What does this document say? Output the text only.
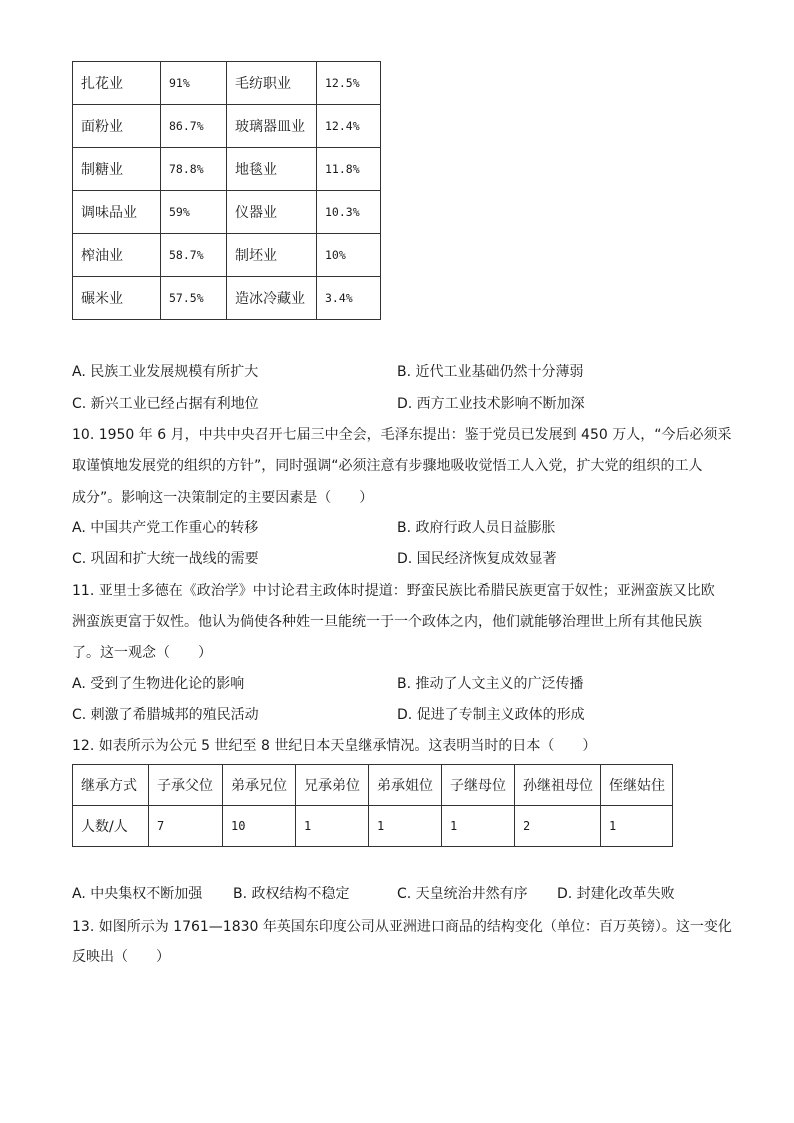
扎花业	91%	毛纺职业	12.5%
面粉业	86.7%	玻璃器皿业	12.4%
制糖业	78.8%	地毯业	11.8%
调味品业	59%	仪器业	10.3%
榨油业	58.7%	制坯业	10%
碾米业	57.5%	造冰冷藏业	3.4%
A. 民族工业发展规模有所扩大	B. 近代工业基础仍然十分薄弱
C. 新兴工业已经占据有利地位	D. 西方工业技术影响不断加深
10. 1950 年 6 月，中共中央召开七届三中全会，毛泽东提出：鉴于党员已发展到 450 万人，“今后必须采
取谨慎地发展党的组织的方针”，同时强调“必须注意有步骤地吸收觉悟工人入党，扩大党的组织的工人
成分”。影响这一决策制定的主要因素是（　　）
A. 中国共产党工作重心的转移	B. 政府行政人员日益膨胀
C. 巩固和扩大统一战线的需要	D. 国民经济恢复成效显著
11. 亚里士多德在《政治学》中讨论君主政体时提道：野蛮民族比希腊民族更富于奴性；亚洲蛮族又比欧
洲蛮族更富于奴性。他认为倘使各种姓一旦能统一于一个政体之内，他们就能够治理世上所有其他民族
了。这一观念（　　）
A. 受到了生物进化论的影响	B. 推动了人文主义的广泛传播
C. 刺激了希腊城邦的殖民活动	D. 促进了专制主义政体的形成
12. 如表所示为公元 5 世纪至 8 世纪日本天皇继承情况。这表明当时的日本（　　）
继承方式	子承父位	弟承兄位	兄承弟位	弟承姐位	子继母位	孙继祖母位	侄继姑住
人数/人	7	10	1	1	1	2	1
A. 中央集权不断加强 B. 政权结构不稳定	C. 天皇统治井然有序 D. 封建化改革失败
13. 如图所示为 1761—1830 年英国东印度公司从亚洲进口商品的结构变化（单位：百万英镑）。这一变化
反映出（　　）
